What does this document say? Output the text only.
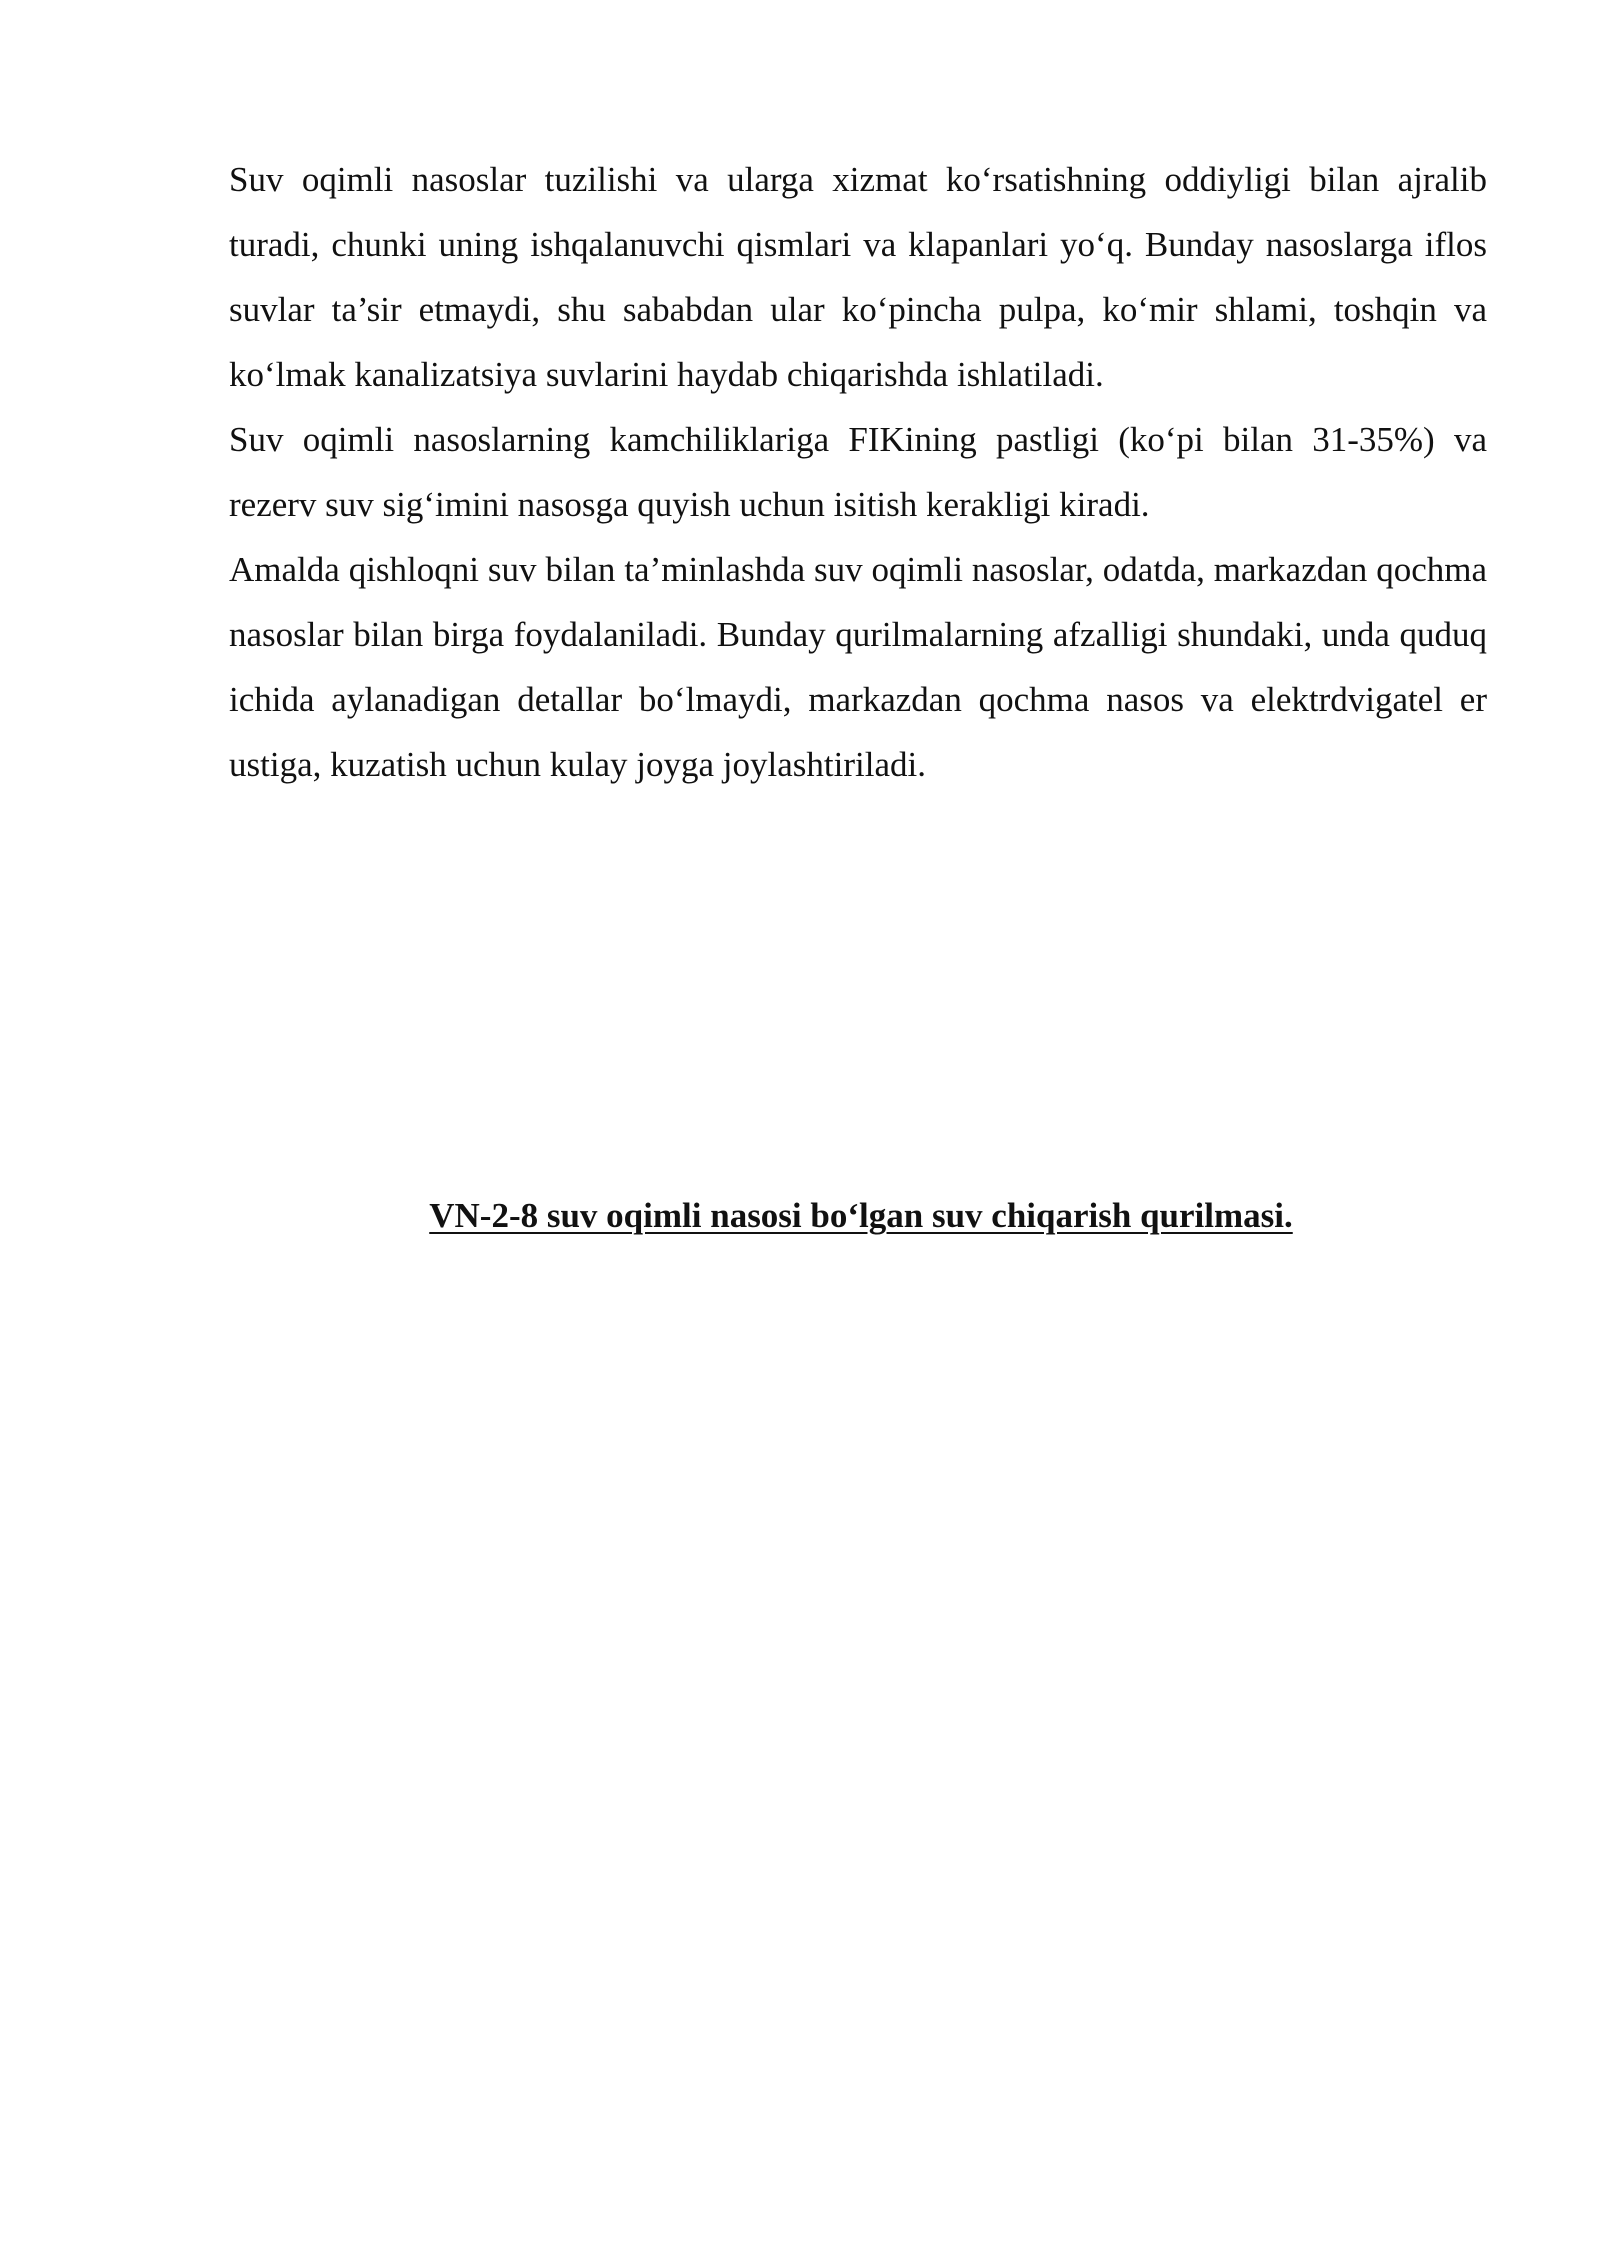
Suv oqimli nasoslar tuzilishi va ularga xizmat ko‘rsatishning oddiyligi bilan ajralib turadi, chunki uning ishqalanuvchi qismlari va klapanlari yo‘q. Bunday nasoslarga iflos suvlar ta’sir etmaydi, shu sababdan ular ko‘pincha pulpa, ko‘mir shlami, toshqin va ko‘lmak kanalizatsiya suvlarini haydab chiqarishda ishlatiladi.

Suv oqimli nasoslarning kamchiliklariga FIKining pastligi (ko‘pi bilan 31-35%) va rezerv suv sig‘imini nasosga quyish uchun isitish kerakligi kiradi.

Amalda qishloqni suv bilan ta’minlashda suv oqimli nasoslar, odatda, markazdan qochma nasoslar bilan birga foydalaniladi. Bunday qurilmalarning afzalligi shundaki, unda quduq ichida aylanadigan detallar bo‘lmaydi, markazdan qochma nasos va elektrdvigatel er ustiga, kuzatish uchun kulay joyga joylashtiriladi.

VN-2-8 suv oqimli nasosi bo‘lgan suv chiqarish qurilmasi.
